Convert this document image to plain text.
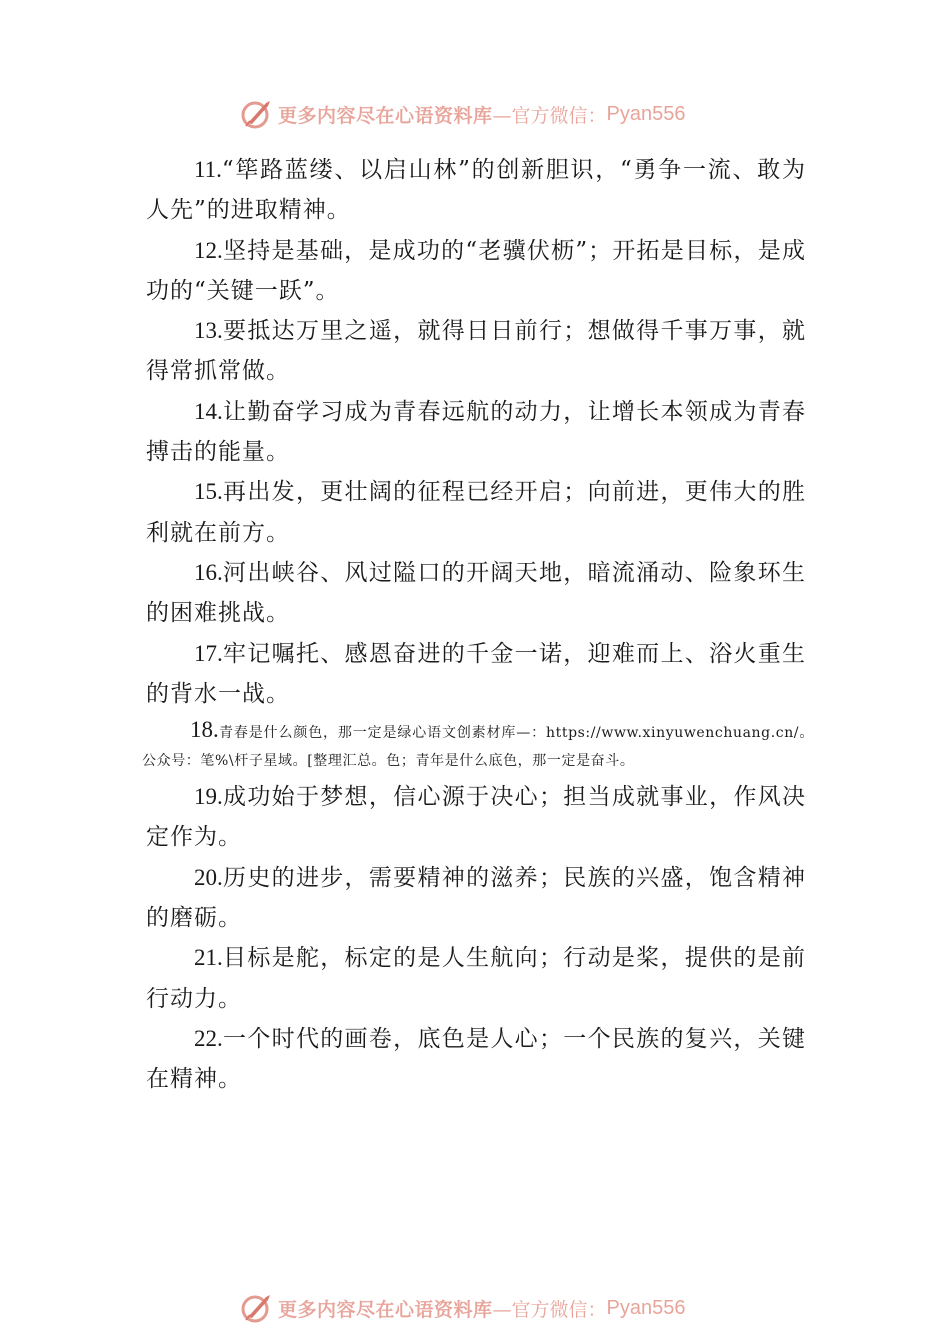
更多内容尽在心语资料库 —官方微信： Pyan556

11.“筚路蓝缕、以启山林”的创新胆识，“勇争一流、敢为人先”的进取精神。

12.坚持是基础，是成功的“老骥伏枥”；开拓是目标，是成功的“关键一跃”。

13.要抵达万里之遥，就得日日前行；想做得千事万事，就得常抓常做。

14.让勤奋学习成为青春远航的动力，让增长本领成为青春搏击的能量。

15.再出发，更壮阔的征程已经开启；向前进，更伟大的胜利就在前方。

16.河出峡谷、风过隘口的开阔天地，暗流涌动、险象环生的困难挑战。

17.牢记嘱托、感恩奋进的千金一诺，迎难而上、浴火重生的背水一战。

18.青春是什么颜色，那一定是绿心语文创素材库—：https://www.xinyuwenchuang.cn/。公众号：笔%\杆子星域。[整理汇总。色；青年是什么底色，那一定是奋斗。

19.成功始于梦想，信心源于决心；担当成就事业，作风决定作为。

20.历史的进步，需要精神的滋养；民族的兴盛，饱含精神的磨砺。

21.目标是舵，标定的是人生航向；行动是桨，提供的是前行动力。

22.一个时代的画卷，底色是人心；一个民族的复兴，关键在精神。

更多内容尽在心语资料库 —官方微信： Pyan556
